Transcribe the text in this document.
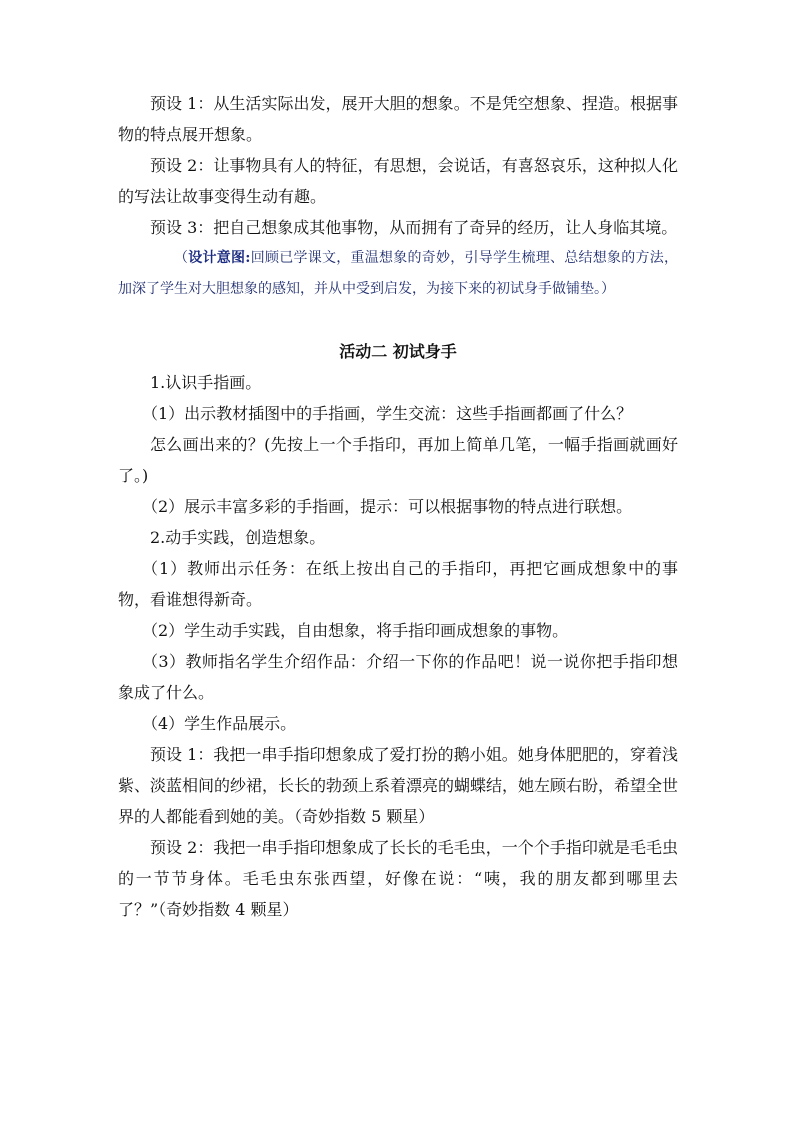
预设 1：从生活实际出发，展开大胆的想象。不是凭空想象、捏造。根据事物的特点展开想象。

预设 2：让事物具有人的特征，有思想，会说话，有喜怒哀乐，这种拟人化的写法让故事变得生动有趣。

预设 3：把自己想象成其他事物，从而拥有了奇异的经历，让人身临其境。

（设计意图:回顾已学课文，重温想象的奇妙，引导学生梳理、总结想象的方法，加深了学生对大胆想象的感知，并从中受到启发，为接下来的初试身手做铺垫。）

活动二 初试身手

1.认识手指画。

（1）出示教材插图中的手指画，学生交流：这些手指画都画了什么？

怎么画出来的？(先按上一个手指印，再加上简单几笔，一幅手指画就画好了。)

（2）展示丰富多彩的手指画，提示：可以根据事物的特点进行联想。

2.动手实践，创造想象。

（1）教师出示任务：在纸上按出自己的手指印，再把它画成想象中的事物，看谁想得新奇。

（2）学生动手实践，自由想象，将手指印画成想象的事物。

（3）教师指名学生介绍作品：介绍一下你的作品吧！说一说你把手指印想象成了什么。

（4）学生作品展示。

预设 1：我把一串手指印想象成了爱打扮的鹅小姐。她身体肥肥的，穿着浅紫、淡蓝相间的纱裙，长长的勃颈上系着漂亮的蝴蝶结，她左顾右盼，希望全世界的人都能看到她的美。（奇妙指数 5 颗星）

预设 2：我把一串手指印想象成了长长的毛毛虫，一个个手指印就是毛毛虫的一节节身体。毛毛虫东张西望，好像在说：“咦，我的朋友都到哪里去了？”（奇妙指数 4 颗星）
